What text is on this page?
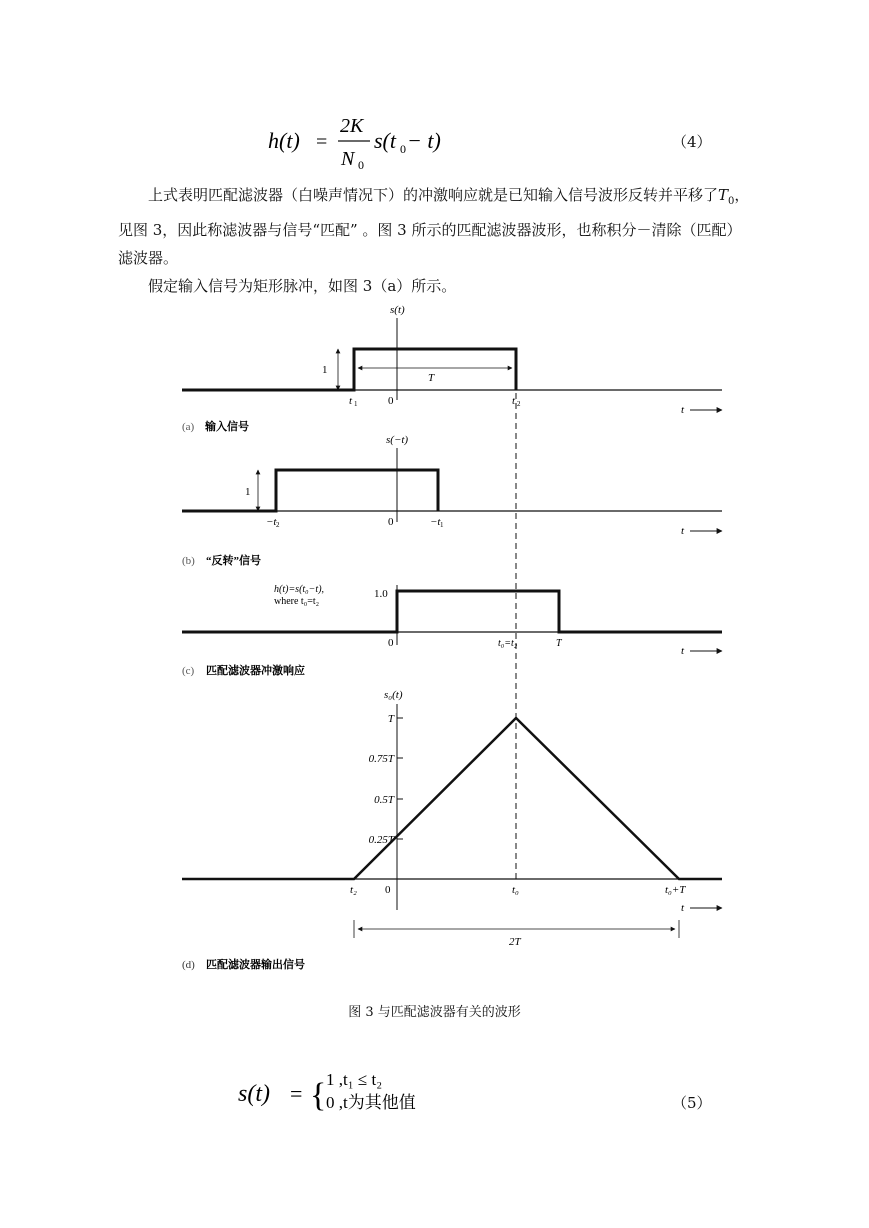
h(t) =
2K
N 0
s(t 0 − t)	（4）

上式表明匹配滤波器（白噪声情况下）的冲激响应就是已知输入信号波形反转并平移了$T_0$，见图 3，因此称滤波器与信号“匹配” 。图 3 所示的匹配滤波器波形，也称积分－清除（匹配）滤波器。

假定输入信号为矩形脉冲，如图 3（a）所示。

s(t)
1
T
t 1	0	t 2	t
(a) 输入信号
s(−t)
1
−t 2	0	−t 1	t
(b) “反转”信号
h(t)=s(t₀−t),
where t₀=t₂
1.0
0	t₀=t₂	T
t
(c) 匹配滤波器冲激响应
s₀(t)
T
0.75T
0.5T
0.25T
t₂	0	t₀	t₀+T
t
2T
(d) 匹配滤波器输出信号
图 3 与匹配滤波器有关的波形
s(t) = { 1 ,t₁ ≤ t₂
0 ,t为其他值	（5）
